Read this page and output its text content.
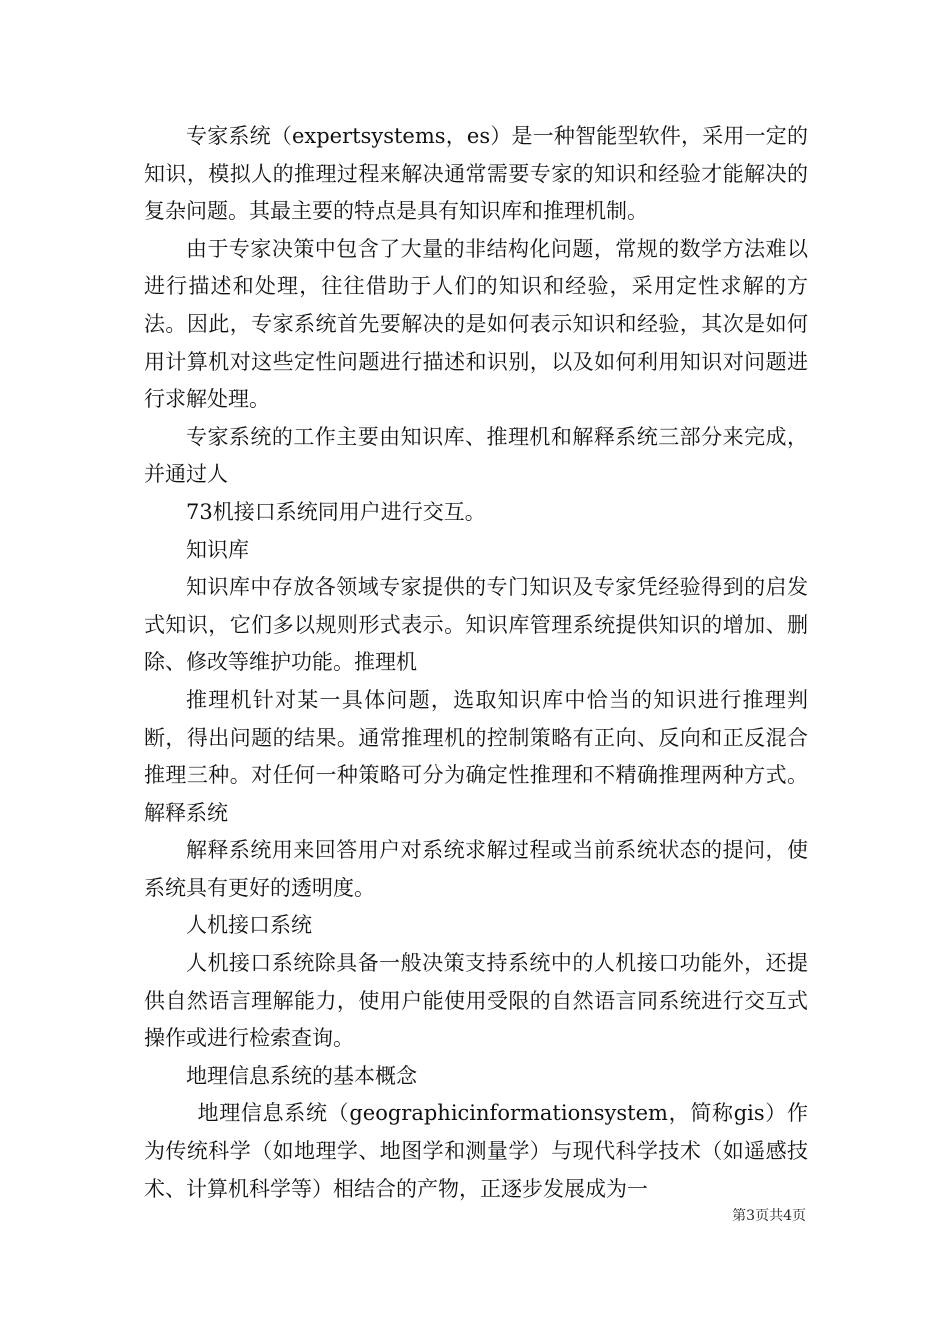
专家系统（expertsystems，es）是一种智能型软件，采用一定的知识，模拟人的推理过程来解决通常需要专家的知识和经验才能解决的复杂问题。其最主要的特点是具有知识库和推理机制。

由于专家决策中包含了大量的非结构化问题，常规的数学方法难以进行描述和处理，往往借助于人们的知识和经验，采用定性求解的方法。因此，专家系统首先要解决的是如何表示知识和经验，其次是如何用计算机对这些定性问题进行描述和识别，以及如何利用知识对问题进行求解处理。

专家系统的工作主要由知识库、推理机和解释系统三部分来完成，并通过人

73机接口系统同用户进行交互。

知识库

知识库中存放各领域专家提供的专门知识及专家凭经验得到的启发式知识，它们多以规则形式表示。知识库管理系统提供知识的增加、删除、修改等维护功能。推理机

推理机针对某一具体问题，选取知识库中恰当的知识进行推理判断，得出问题的结果。通常推理机的控制策略有正向、反向和正反混合推理三种。对任何一种策略可分为确定性推理和不精确推理两种方式。解释系统

解释系统用来回答用户对系统求解过程或当前系统状态的提问，使系统具有更好的透明度。

人机接口系统

人机接口系统除具备一般决策支持系统中的人机接口功能外，还提供自然语言理解能力，使用户能使用受限的自然语言同系统进行交互式操作或进行检索查询。

地理信息系统的基本概念

地理信息系统（geographicinformationsystem，简称gis）作为传统科学（如地理学、地图学和测量学）与现代科学技术（如遥感技术、计算机科学等）相结合的产物，正逐步发展成为一

第3页共4页
